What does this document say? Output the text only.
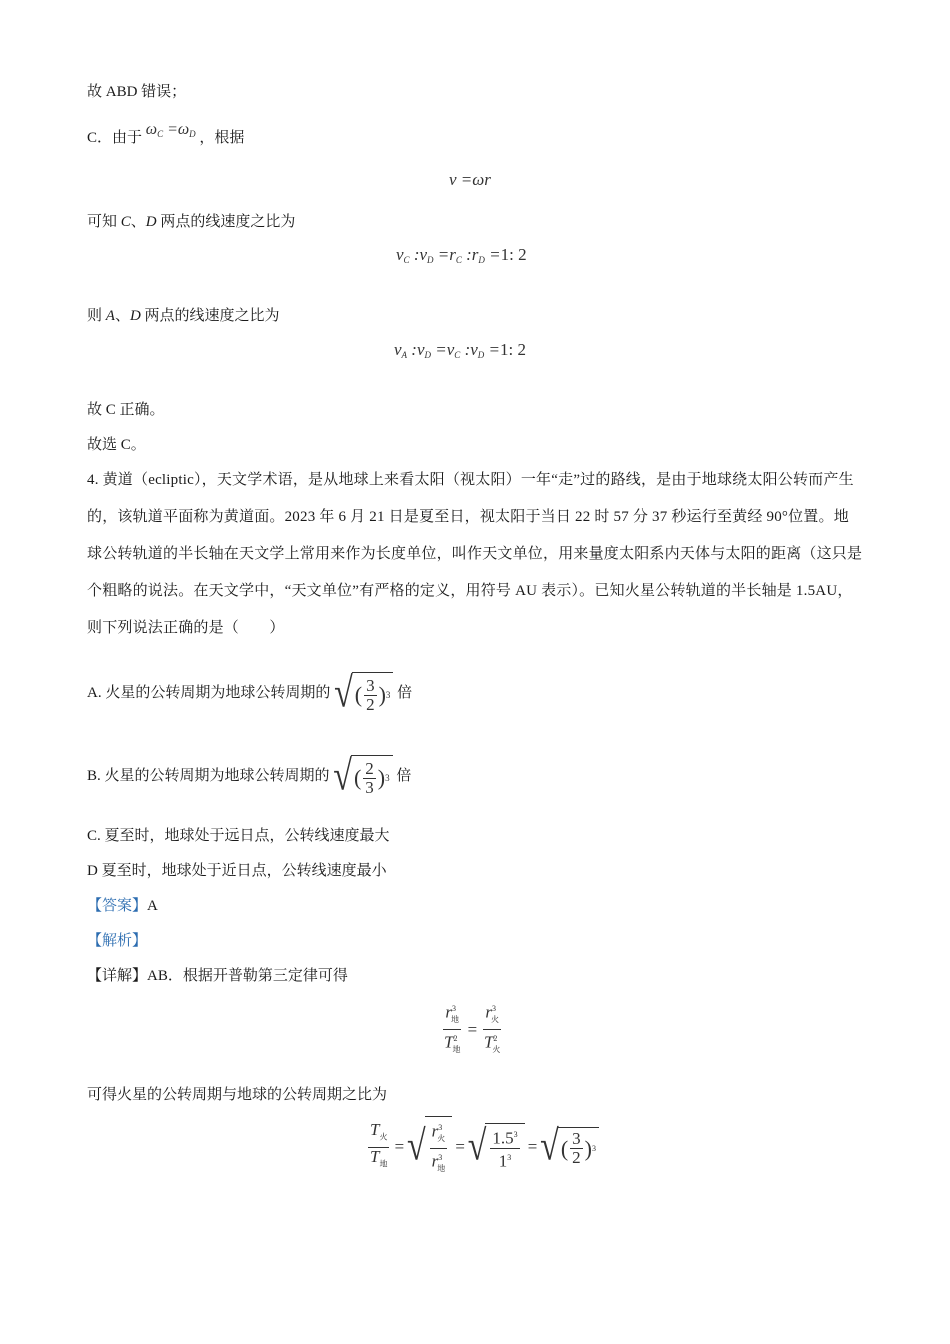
故 ABD 错误；
C．由于 $\omega_C =\omega_D$ ，根据
v =ωr
可知 C、D 两点的线速度之比为
$v_C$ $:v_D =r_C$ $:r_D =1$: 2
则 A、D 两点的线速度之比为
$v_A$ $:v_D =v_C$ $:v_D =1$: 2
故 C 正确。
故选 C。
4. 黄道（ecliptic），天文学术语，是从地球上来看太阳（视太阳）一年“走”过的路线，是由于地球绕太阳公转而产生的，该轨道平面称为黄道面。2023 年 6 月 21 日是夏至日，视太阳于当日 22 时 57 分 37 秒运行至黄经 90°位置。地球公转轨道的半长轴在天文学上常用来作为长度单位，叫作天文单位，用来量度太阳系内天体与太阳的距离（这只是个粗略的说法。在天文学中，“天文单位”有严格的定义，用符号 AU 表示）。已知火星公转轨道的半长轴是 1.5AU，则下列说法正确的是（　　）
A. 火星的公转周期为地球公转周期的 √ ( $\frac{3}{2}$ ) 3 倍
B. 火星的公转周期为地球公转周期的 √ ( $\frac{2}{3}$ ) 3 倍
C. 夏至时，地球处于远日点，公转线速度最大
D 夏至时，地球处于近日点，公转线速度最小
【答案】A
【解析】
【详解】AB．根据开普勒第三定律可得
$\frac{r^3_地}{T^2_地} = \frac{r^3_火}{T^2_火}$
可得火星的公转周期与地球的公转周期之比为
$\frac{T_火}{T_地}$ = √ $\frac{r^3_火}{r^3_地}$ = √ $\frac{1.5^3}{1^3}$ = √ ( $\frac{3}{2}$ ) 3
